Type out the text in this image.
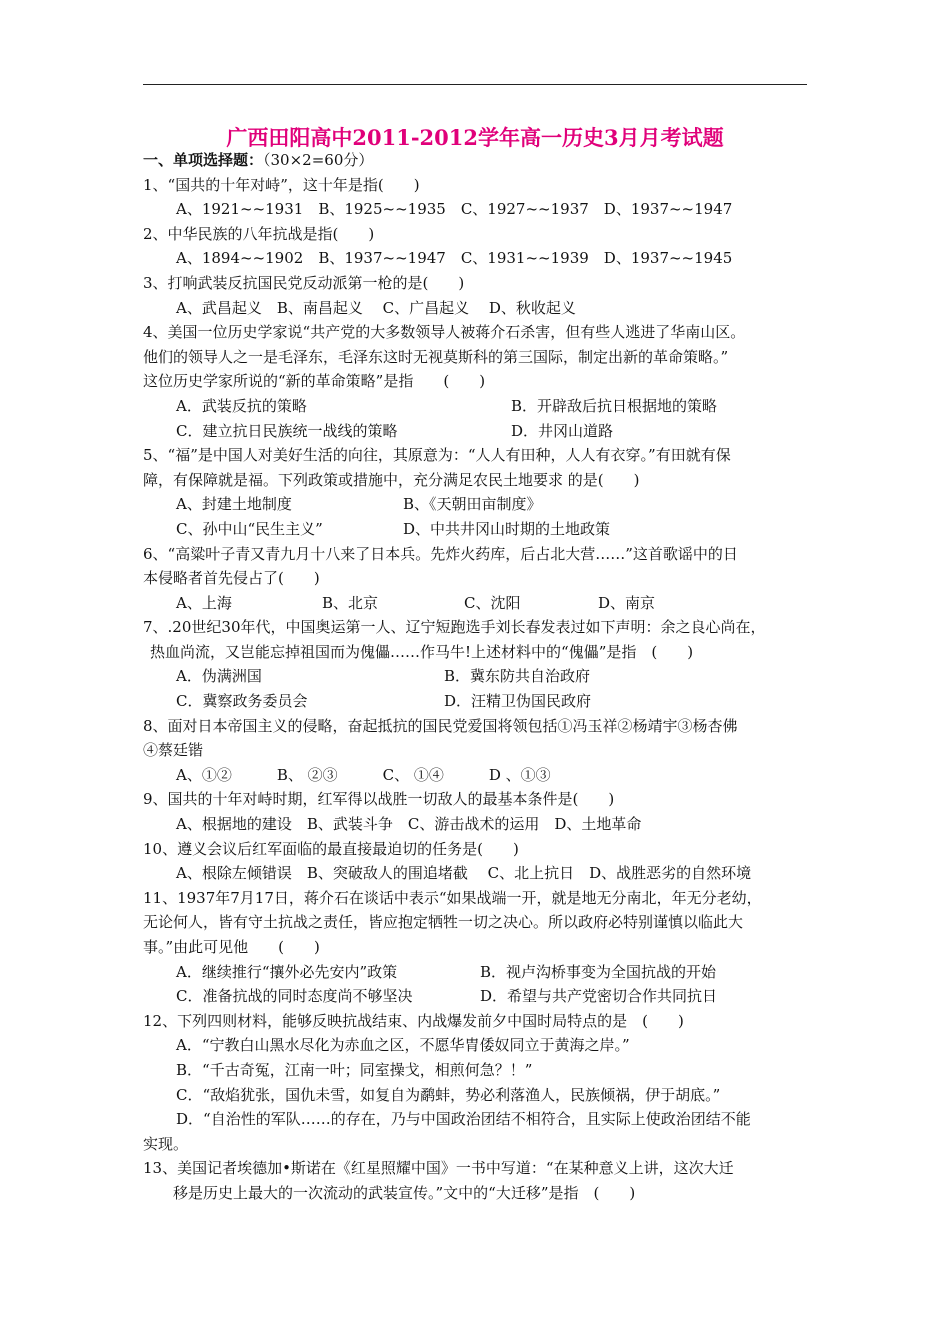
广西田阳高中2011-2012学年高一历史3月月考试题
一、单项选择题：（30×2=60分）
1、“国共的十年对峙”，这十年是指(　　)
A、1921~~1931　B、1925~~1935　C、1927~~1937　D、1937~~1947
2、中华民族的八年抗战是指(　　)
A、1894~~1902　B、1937~~1947　C、1931~~1939　D、1937~~1945
3、打响武装反抗国民党反动派第一枪的是(　　)
A、武昌起义　B、南昌起义　 C、广昌起义　 D、秋收起义
4、美国一位历史学家说“共产党的大多数领导人被蒋介石杀害，但有些人逃进了华南山区。
他们的领导人之一是毛泽东，毛泽东这时无视莫斯科的第三国际，制定出新的革命策略。”
这位历史学家所说的“新的革命策略”是指　　(　　)
A．武装反抗的策略	B．开辟敌后抗日根据地的策略
C．建立抗日民族统一战线的策略	D．井冈山道路
5、“福”是中国人对美好生活的向往，其原意为：“人人有田种，人人有衣穿。”有田就有保
障，有保障就是福。下列政策或措施中，充分满足农民土地要求 的是(　　)
A、封建土地制度	B、《天朝田亩制度》
C、孙中山“民生主义”	D、中共井冈山时期的土地政策
6、“高粱叶子青又青九月十八来了日本兵。先炸火药库，后占北大营……”这首歌谣中的日
本侵略者首先侵占了(　　)
A、上海	B、北京	C、沈阳	D、南京
7、.20世纪30年代，中国奥运第一人、辽宁短跑选手刘长春发表过如下声明：余之良心尚在，
热血尚流，又岂能忘掉祖国而为傀儡……作马牛!上述材料中的“傀儡”是指　(　　)
A．伪满洲国	B．冀东防共自治政府
C．冀察政务委员会	D．汪精卫伪国民政府
8、面对日本帝国主义的侵略，奋起抵抗的国民党爱国将领包括①冯玉祥②杨靖宇③杨杏佛
④蔡廷锴
A、①②　　　B、 ②③　　　C、 ①④　　　D 、①③
9、国共的十年对峙时期，红军得以战胜一切敌人的最基本条件是(　　)
A、根据地的建设　B、武装斗争　C、游击战术的运用　D、土地革命
10、遵义会议后红军面临的最直接最迫切的任务是(　　)
A、根除左倾错误　B、突破敌人的围追堵截　 C、北上抗日　D、战胜恶劣的自然环境
11、1937年7月17日，蒋介石在谈话中表示“如果战端一开，就是地无分南北，年无分老幼，
无论何人，皆有守土抗战之责任，皆应抱定牺牲一切之决心。所以政府必特别谨慎以临此大
事。”由此可见他　　(　　)
A．继续推行“攘外必先安内”政策	B．视卢沟桥事变为全国抗战的开始
C．准备抗战的同时态度尚不够坚决	D．希望与共产党密切合作共同抗日
12、下列四则材料，能够反映抗战结束、内战爆发前夕中国时局特点的是　(　　)
A．“宁教白山黑水尽化为赤血之区，不愿华胄倭奴同立于黄海之岸。”
B．“千古奇冤，江南一叶；同室操戈，相煎何急？！”
C．“敌焰犹张，国仇未雪，如复自为鹬蚌，势必利落渔人，民族倾祸，伊于胡底。”
D．“自治性的军队……的存在，乃与中国政治团结不相符合，且实际上使政治团结不能
实现。
13、美国记者埃德加•斯诺在《红星照耀中国》一书中写道：“在某种意义上讲，这次大迁
移是历史上最大的一次流动的武装宣传。”文中的“大迁移”是指　(　　)
